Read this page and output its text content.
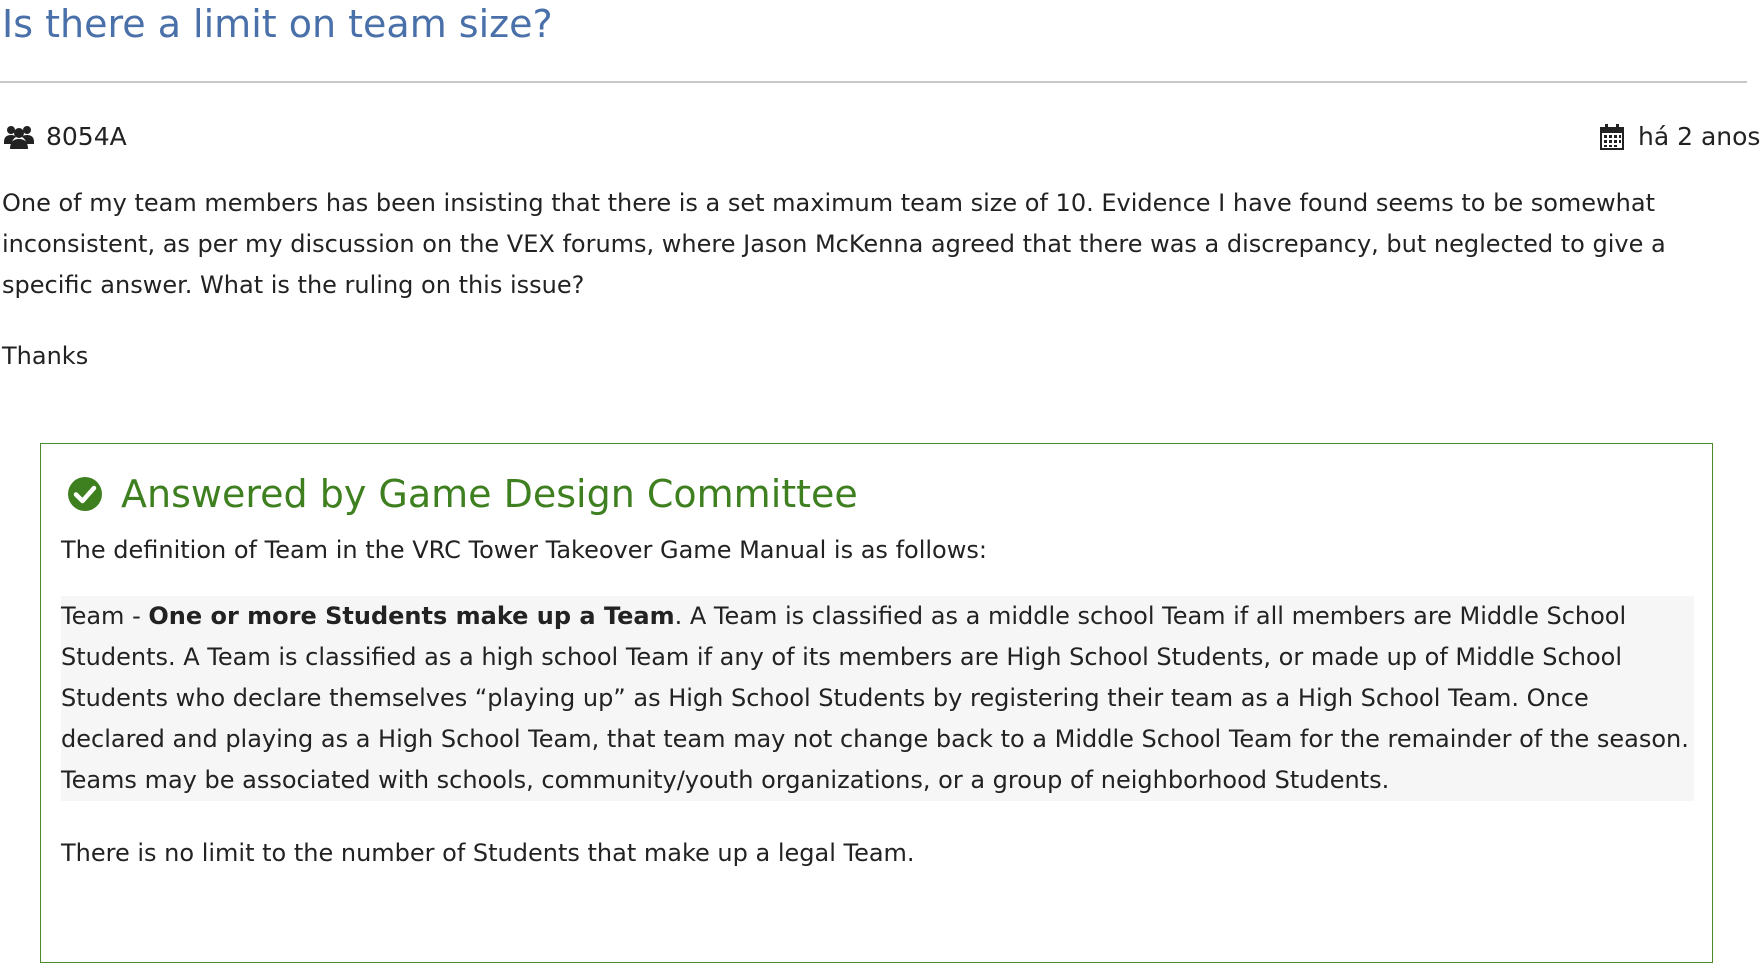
Is there a limit on team size?
8054A	há 2 anos

One of my team members has been insisting that there is a set maximum team size of 10. Evidence I have found seems to be somewhat inconsistent, as per my discussion on the VEX forums, where Jason McKenna agreed that there was a discrepancy, but neglected to give a specific answer. What is the ruling on this issue?

Thanks

Answered by Game Design Committee

The definition of Team in the VRC Tower Takeover Game Manual is as follows:

Team - One or more Students make up a Team. A Team is classified as a middle school Team if all members are Middle School Students. A Team is classified as a high school Team if any of its members are High School Students, or made up of Middle School Students who declare themselves “playing up” as High School Students by registering their team as a High School Team. Once declared and playing as a High School Team, that team may not change back to a Middle School Team for the remainder of the season. Teams may be associated with schools, community/youth organizations, or a group of neighborhood Students.

There is no limit to the number of Students that make up a legal Team.
